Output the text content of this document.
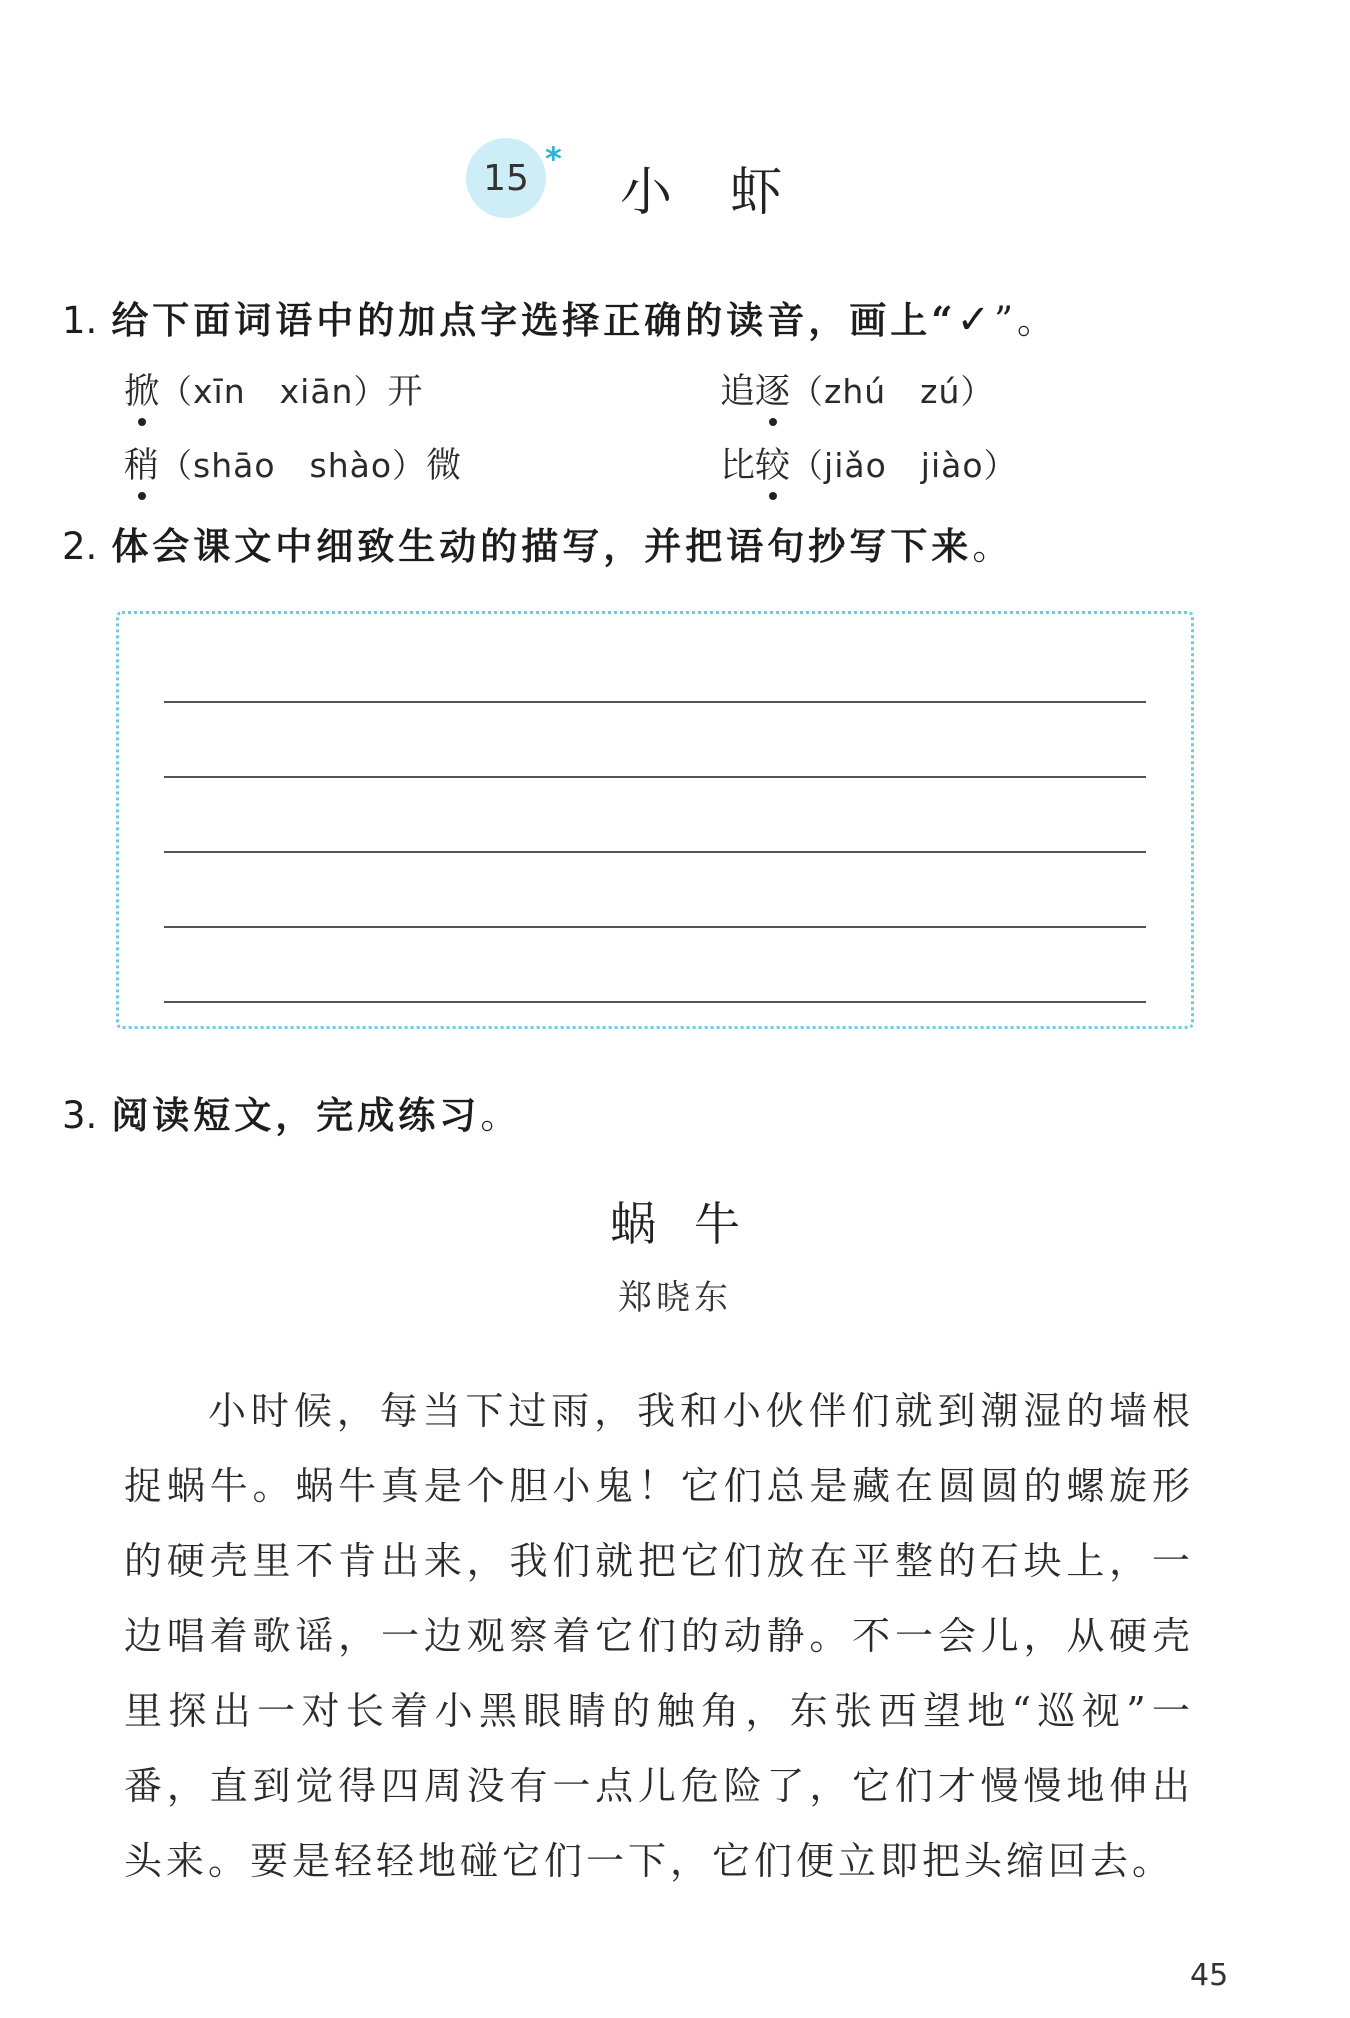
15 *
小虾
1. 给下面词语中的加点字选择正确的读音，画上“✓”。
掀（xīn　xiān）开	追逐（zhú　zú）
稍（shāo　shào）微	比较（jiǎo　jiào）
2. 体会课文中细致生动的描写，并把语句抄写下来。
3. 阅读短文，完成练习。
蜗牛
郑晓东
小时候，每当下过雨，我和小伙伴们就到潮湿的墙根捉蜗牛。蜗牛真是个胆小鬼！它们总是藏在圆圆的螺旋形的硬壳里不肯出来，我们就把它们放在平整的石块上，一边唱着歌谣，一边观察着它们的动静。不一会儿，从硬壳里探出一对长着小黑眼睛的触角，东张西望地“巡视”一番，直到觉得四周没有一点儿危险了，它们才慢慢地伸出头来。要是轻轻地碰它们一下，它们便立即把头缩回去。
45
